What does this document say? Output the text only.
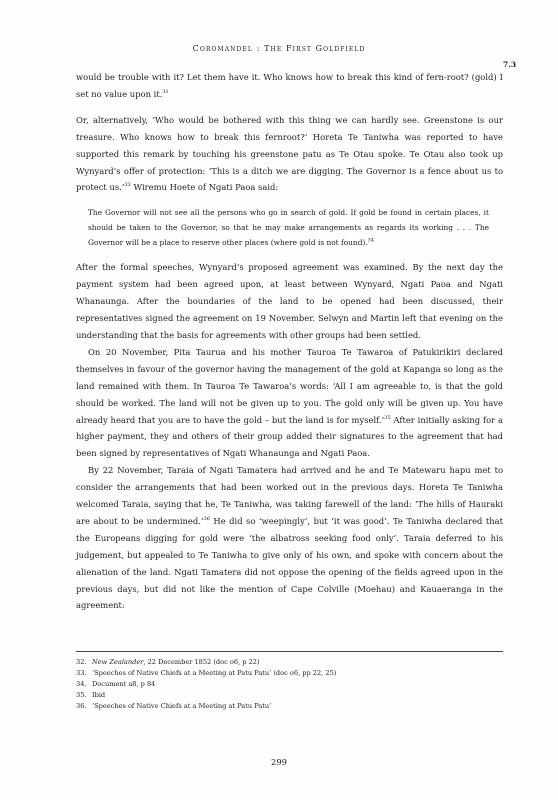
Coromandel : The First Goldfield
7.3

would be trouble with it? Let them have it. Who knows how to break this kind of fern-root? (gold) I set no value upon it.$^{31}$

Or, alternatively, ‘Who would be bothered with this thing we can hardly see. Greenstone is our treasure. Who knows how to break this fernroot?’ Horeta Te Taniwha was reported to have supported this remark by touching his greenstone patu as Te Otau spoke. Te Otau also took up Wynyard’s offer of protection: ‘This is a ditch we are digging. The Governor is a fence about us to protect us.’$^{33}$ Wiremu Hoete of Ngati Paoa said:

The Governor will not see all the persons who go in search of gold. If gold be found in certain places, it should be taken to the Governor, so that he may make arrangements as regards its working . . . The Governor will be a place to reserve other places (where gold is not found).$^{34}$

After the formal speeches, Wynyard’s proposed agreement was examined. By the next day the payment system had been agreed upon, at least between Wynyard, Ngati Paoa and Ngati Whanaunga. After the boundaries of the land to be opened had been discussed, their representatives signed the agreement on 19 November. Selwyn and Martin left that evening on the understanding that the basis for agreements with other groups had been settled.

On 20 November, Pita Taurua and his mother Tauroa Te Tawaroa of Patukirikiri declared themselves in favour of the governor having the management of the gold at Kapanga so long as the land remained with them. In Tauroa Te Tawaroa’s words: ‘All I am agreeable to, is that the gold should be worked. The land will not be given up to you. The gold only will be given up. You have already heard that you are to have the gold – but the land is for myself.’$^{35}$ After initially asking for a higher payment, they and others of their group added their signatures to the agreement that had been signed by representatives of Ngati Whanaunga and Ngati Paoa.

By 22 November, Taraia of Ngati Tamatera had arrived and he and Te Matewaru hapu met to consider the arrangements that had been worked out in the previous days. Horeta Te Taniwha welcomed Taraia, saying that he, Te Taniwha, was taking farewell of the land: ‘The hills of Hauraki are about to be undermined.’$^{36}$ He did so ‘weepingly’, but ‘it was good’. Te Taniwha declared that the Europeans digging for gold were ‘the albatross seeking food only’. Taraia deferred to his judgement, but appealed to Te Taniwha to give only of his own, and spoke with concern about the alienation of the land. Ngati Tamatera did not oppose the opening of the fields agreed upon in the previous days, but did not like the mention of Cape Colville (Moehau) and Kauaeranga in the agreement:

32. New Zealander, 22 December 1852 (doc o6, p 22)
33. ‘Speeches of Native Chiefs at a Meeting at Patu Patu’ (doc o6, pp 22, 25)
34. Document a8, p 84
35. Ibid
36. ‘Speeches of Native Chiefs at a Meeting at Patu Patu’
299
